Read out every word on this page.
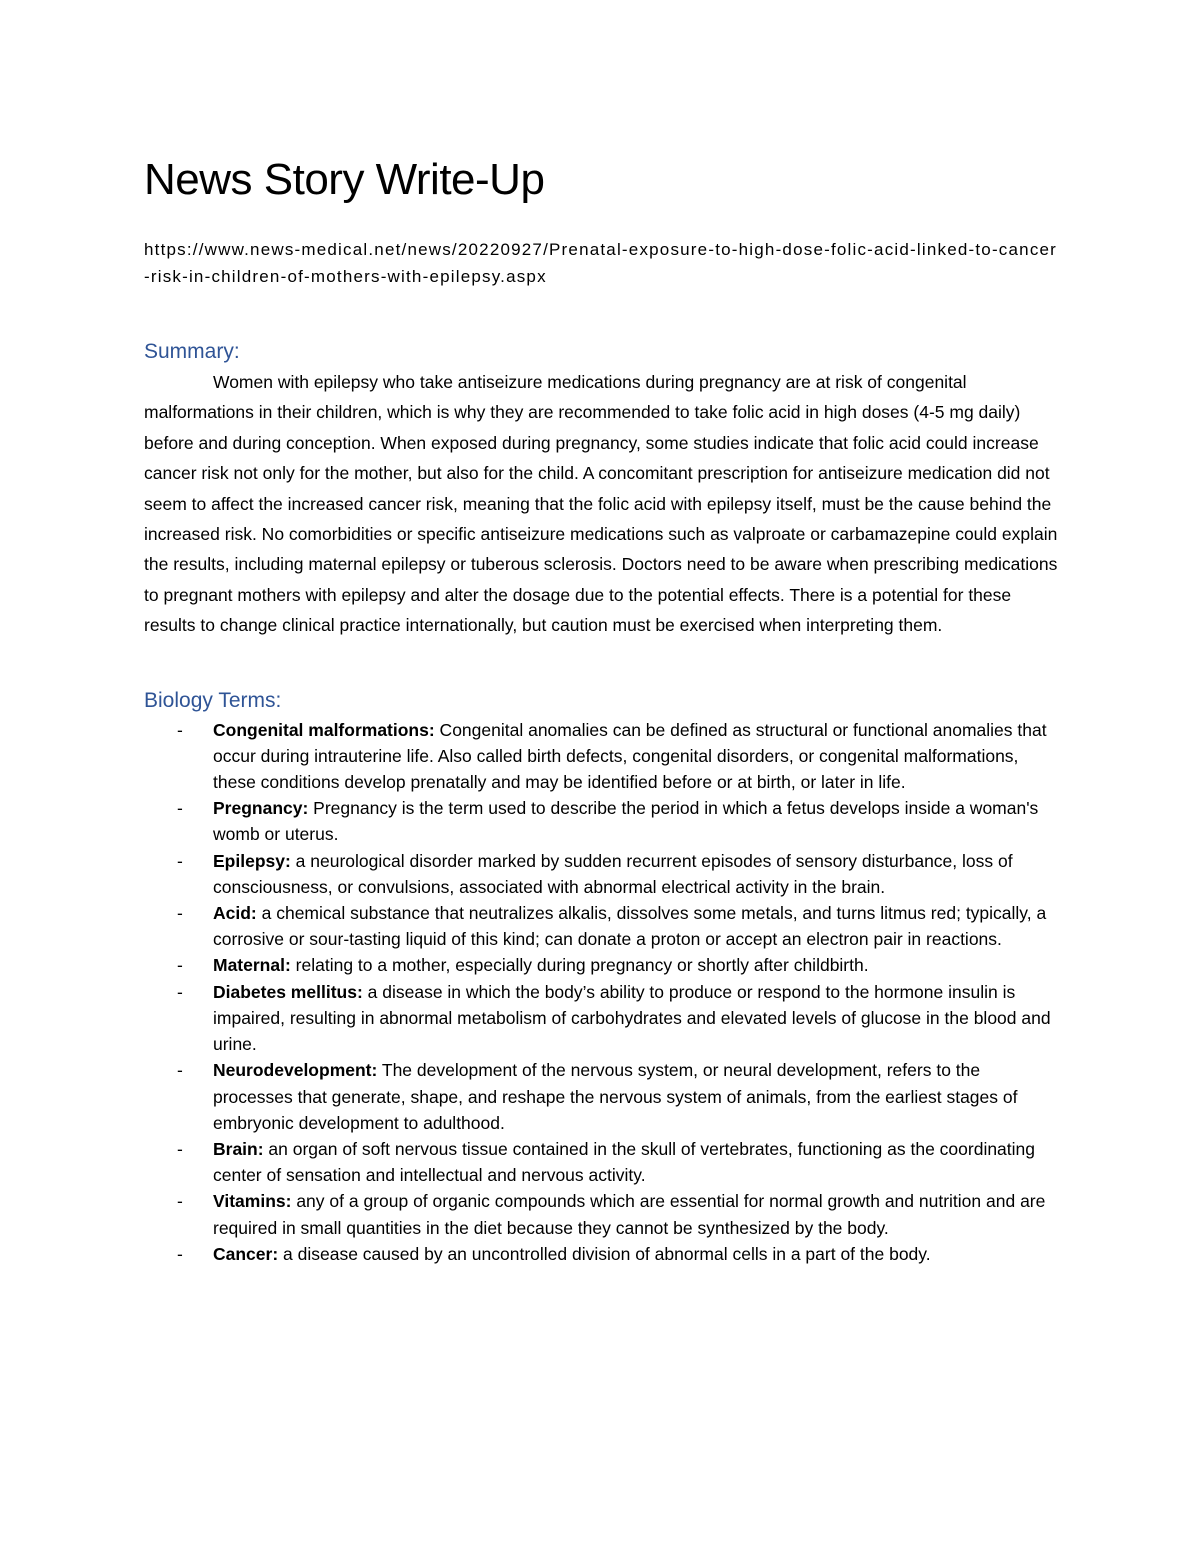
News Story Write-Up
https://www.news-medical.net/news/20220927/Prenatal-exposure-to-high-dose-folic-acid-linked-to-cancer-risk-in-children-of-mothers-with-epilepsy.aspx
Summary:

Women with epilepsy who take antiseizure medications during pregnancy are at risk of congenital malformations in their children, which is why they are recommended to take folic acid in high doses (4-5 mg daily) before and during conception. When exposed during pregnancy, some studies indicate that folic acid could increase cancer risk not only for the mother, but also for the child. A concomitant prescription for antiseizure medication did not seem to affect the increased cancer risk, meaning that the folic acid with epilepsy itself, must be the cause behind the increased risk. No comorbidities or specific antiseizure medications such as valproate or carbamazepine could explain the results, including maternal epilepsy or tuberous sclerosis. Doctors need to be aware when prescribing medications to pregnant mothers with epilepsy and alter the dosage due to the potential effects. There is a potential for these results to change clinical practice internationally, but caution must be exercised when interpreting them.

Biology Terms:
- Congenital malformations: Congenital anomalies can be defined as structural or functional anomalies that occur during intrauterine life. Also called birth defects, congenital disorders, or congenital malformations, these conditions develop prenatally and may be identified before or at birth, or later in life.
- Pregnancy: Pregnancy is the term used to describe the period in which a fetus develops inside a woman's womb or uterus.
- Epilepsy: a neurological disorder marked by sudden recurrent episodes of sensory disturbance, loss of consciousness, or convulsions, associated with abnormal electrical activity in the brain.
- Acid: a chemical substance that neutralizes alkalis, dissolves some metals, and turns litmus red; typically, a corrosive or sour-tasting liquid of this kind; can donate a proton or accept an electron pair in reactions.
- Maternal: relating to a mother, especially during pregnancy or shortly after childbirth.
- Diabetes mellitus: a disease in which the body’s ability to produce or respond to the hormone insulin is impaired, resulting in abnormal metabolism of carbohydrates and elevated levels of glucose in the blood and urine.
- Neurodevelopment: The development of the nervous system, or neural development, refers to the processes that generate, shape, and reshape the nervous system of animals, from the earliest stages of embryonic development to adulthood.
- Brain: an organ of soft nervous tissue contained in the skull of vertebrates, functioning as the coordinating center of sensation and intellectual and nervous activity.
- Vitamins: any of a group of organic compounds which are essential for normal growth and nutrition and are required in small quantities in the diet because they cannot be synthesized by the body.
- Cancer: a disease caused by an uncontrolled division of abnormal cells in a part of the body.
